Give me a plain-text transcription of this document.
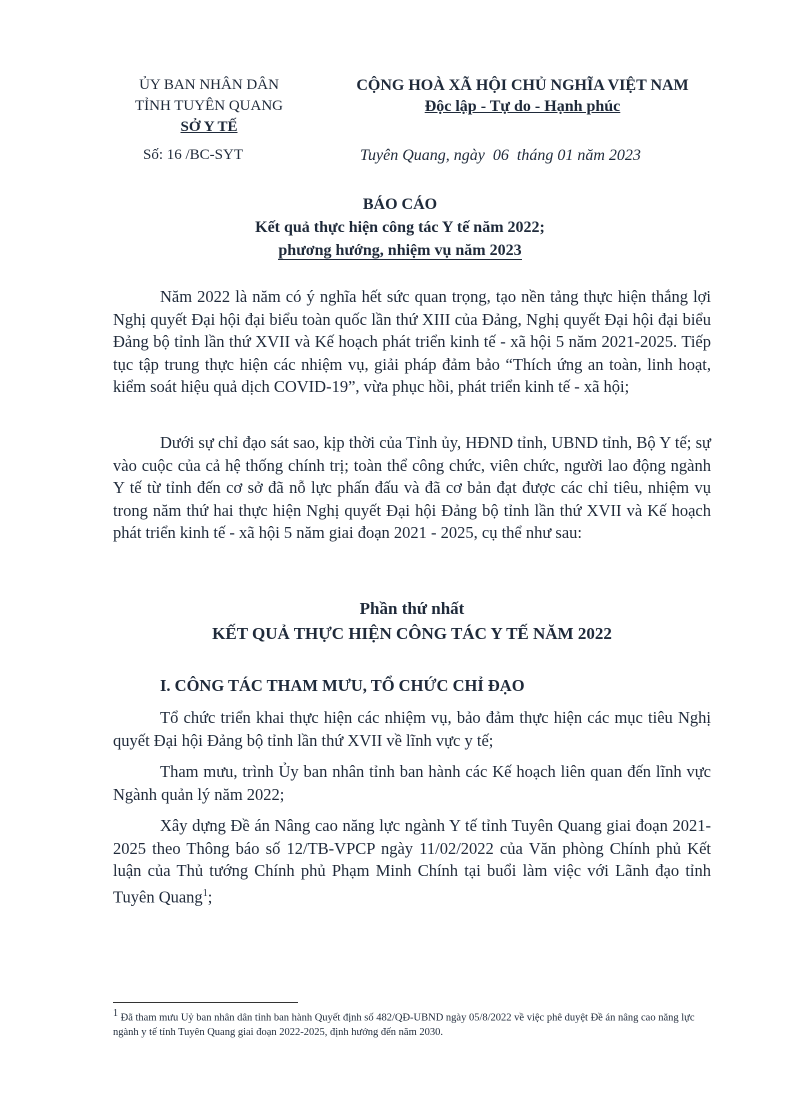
ỦY BAN NHÂN DÂN
TỈNH TUYÊN QUANG
SỞ Y TẾ
CỘNG HOÀ XÃ HỘI CHỦ NGHĨA VIỆT NAM
Độc lập - Tự do - Hạnh phúc
Số: 16 /BC-SYT	Tuyên Quang, ngày  06  tháng 01 năm 2023
BÁO CÁO
Kết quả thực hiện công tác Y tế năm 2022;
phương hướng, nhiệm vụ năm 2023
Năm 2022 là năm có ý nghĩa hết sức quan trọng, tạo nền tảng thực hiện thắng lợi Nghị quyết Đại hội đại biểu toàn quốc lần thứ XIII của Đảng, Nghị quyết Đại hội đại biểu Đảng bộ tỉnh lần thứ XVII và Kế hoạch phát triển kinh tế - xã hội 5 năm 2021-2025. Tiếp tục tập trung thực hiện các nhiệm vụ, giải pháp đảm bảo “Thích ứng an toàn, linh hoạt, kiểm soát hiệu quả dịch COVID-19”, vừa phục hồi, phát triển kinh tế - xã hội;
Dưới sự chỉ đạo sát sao, kịp thời của Tỉnh ủy, HĐND tỉnh, UBND tỉnh, Bộ Y tế; sự vào cuộc của cả hệ thống chính trị; toàn thể công chức, viên chức, người lao động ngành Y tế từ tỉnh đến cơ sở đã nỗ lực phấn đấu và đã cơ bản đạt được các chỉ tiêu, nhiệm vụ trong năm thứ hai thực hiện Nghị quyết Đại hội Đảng bộ tỉnh lần thứ XVII và Kế hoạch phát triển kinh tế - xã hội 5 năm giai đoạn 2021 - 2025, cụ thể như sau:
Phần thứ nhất
KẾT QUẢ THỰC HIỆN CÔNG TÁC Y TẾ NĂM 2022
I. CÔNG TÁC THAM MƯU, TỔ CHỨC CHỈ ĐẠO
Tổ chức triển khai thực hiện các nhiệm vụ, bảo đảm thực hiện các mục tiêu Nghị quyết Đại hội Đảng bộ tỉnh lần thứ XVII về lĩnh vực y tế;
Tham mưu, trình Ủy ban nhân tỉnh ban hành các Kế hoạch liên quan đến lĩnh vực Ngành quản lý năm 2022;
Xây dựng Đề án Nâng cao năng lực ngành Y tế tỉnh Tuyên Quang giai đoạn 2021- 2025 theo Thông báo số 12/TB-VPCP ngày 11/02/2022 của Văn phòng Chính phủ Kết luận của Thủ tướng Chính phủ Phạm Minh Chính tại buổi làm việc với Lãnh đạo tỉnh Tuyên Quang$^1$;
$^1$ Đã tham mưu Uỷ ban nhân dân tỉnh ban hành Quyết định số 482/QĐ-UBND ngày 05/8/2022 về việc phê duyệt Đề án nâng cao năng lực ngành y tế tỉnh Tuyên Quang giai đoạn 2022-2025, định hướng đến năm 2030.
